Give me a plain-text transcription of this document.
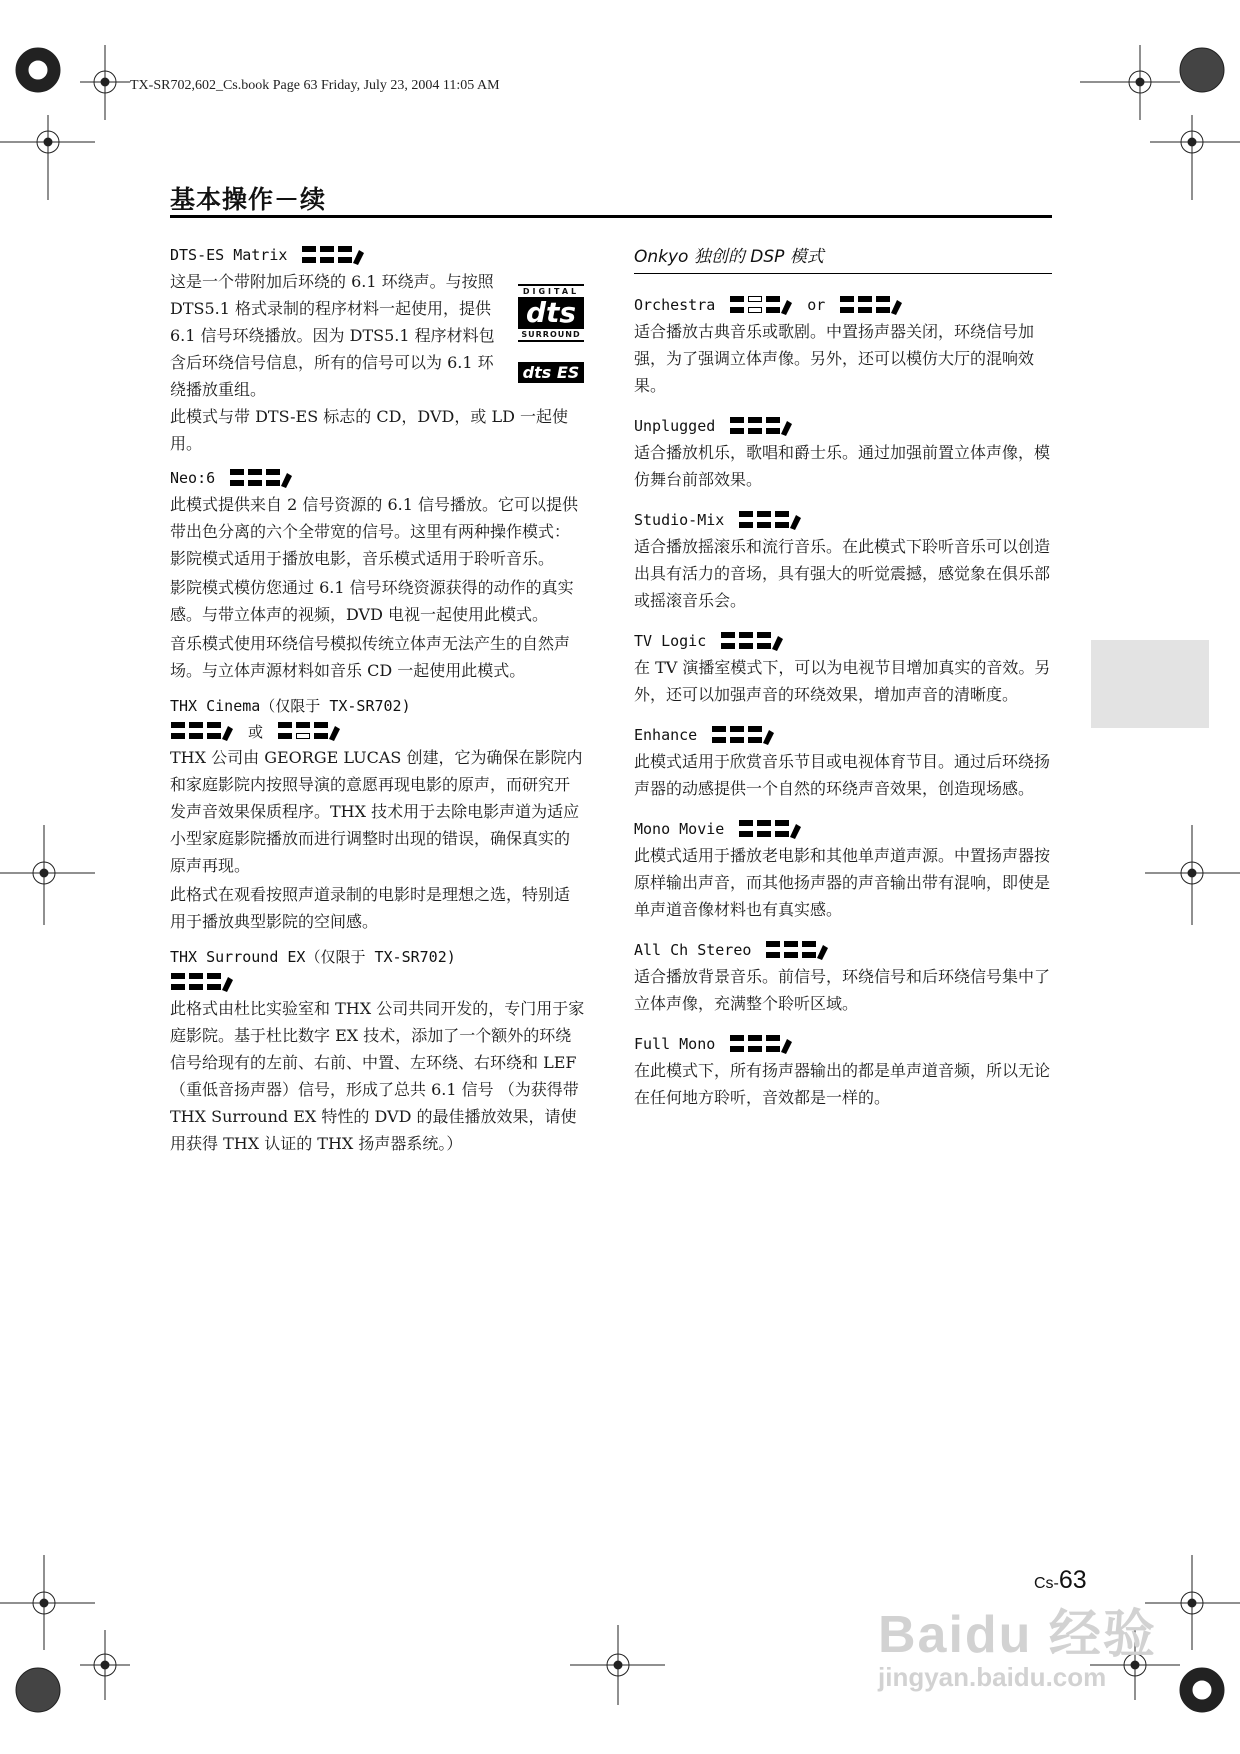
TX-SR702,602_Cs.book Page 63 Friday, July 23, 2004 11:05 AM
基本操作－续
DIGITAL
dts
SURROUND
dts ES
DTS-ES Matrix

这是一个带附加后环绕的 6.1 环绕声。与按照 DTS5.1 格式录制的程序材料一起使用，提供 6.1 信号环绕播放。因为 DTS5.1 程序材料包含后环绕信号信息，所有的信号可以为 6.1 环绕播放重组。

此模式与带 DTS-ES 标志的 CD，DVD，或 LD 一起使用。

Neo:6

此模式提供来自 2 信号资源的 6.1 信号播放。它可以提供带出色分离的六个全带宽的信号。这里有两种操作模式：影院模式适用于播放电影，音乐模式适用于聆听音乐。

影院模式模仿您通过 6.1 信号环绕资源获得的动作的真实感。与带立体声的视频，DVD 电视一起使用此模式。

音乐模式使用环绕信号模拟传统立体声无法产生的自然声场。与立体声源材料如音乐 CD 一起使用此模式。

THX Cinema（仅限于 TX-SR702)
或

THX 公司由 GEORGE LUCAS 创建，它为确保在影院内和家庭影院内按照导演的意愿再现电影的原声，而研究开发声音效果保质程序。THX 技术用于去除电影声道为适应小型家庭影院播放而进行调整时出现的错误，确保真实的原声再现。

此格式在观看按照声道录制的电影时是理想之选，特别适用于播放典型影院的空间感。

THX Surround EX（仅限于 TX-SR702)

此格式由杜比实验室和 THX 公司共同开发的，专门用于家庭影院。基于杜比数字 EX 技术，添加了一个额外的环绕信号给现有的左前、右前、中置、左环绕、右环绕和 LEF （重低音扬声器）信号，形成了总共 6.1 信号 （为获得带 THX Surround EX 特性的 DVD 的最佳播放效果，请使用获得 THX 认证的 THX 扬声器系统。）

Onkyo 独创的 DSP 模式
Orchestra	or

适合播放古典音乐或歌剧。中置扬声器关闭，环绕信号加强，为了强调立体声像。另外，还可以模仿大厅的混响效果。

Unplugged

适合播放机乐，歌唱和爵士乐。通过加强前置立体声像，模仿舞台前部效果。

Studio-Mix

适合播放摇滚乐和流行音乐。在此模式下聆听音乐可以创造出具有活力的音场，具有强大的听觉震撼，感觉象在俱乐部或摇滚音乐会。

TV Logic

在 TV 演播室模式下，可以为电视节目增加真实的音效。另外，还可以加强声音的环绕效果，增加声音的清晰度。

Enhance

此模式适用于欣赏音乐节目或电视体育节目。通过后环绕扬声器的动感提供一个自然的环绕声音效果，创造现场感。

Mono Movie

此模式适用于播放老电影和其他单声道声源。中置扬声器按原样输出声音，而其他扬声器的声音输出带有混响，即使是单声道音像材料也有真实感。

All Ch Stereo

适合播放背景音乐。前信号，环绕信号和后环绕信号集中了立体声像，充满整个聆听区域。

Full Mono

在此模式下，所有扬声器输出的都是单声道音频，所以无论在任何地方聆听，音效都是一样的。

Cs-63
Baidu 经验
jingyan.baidu.com
